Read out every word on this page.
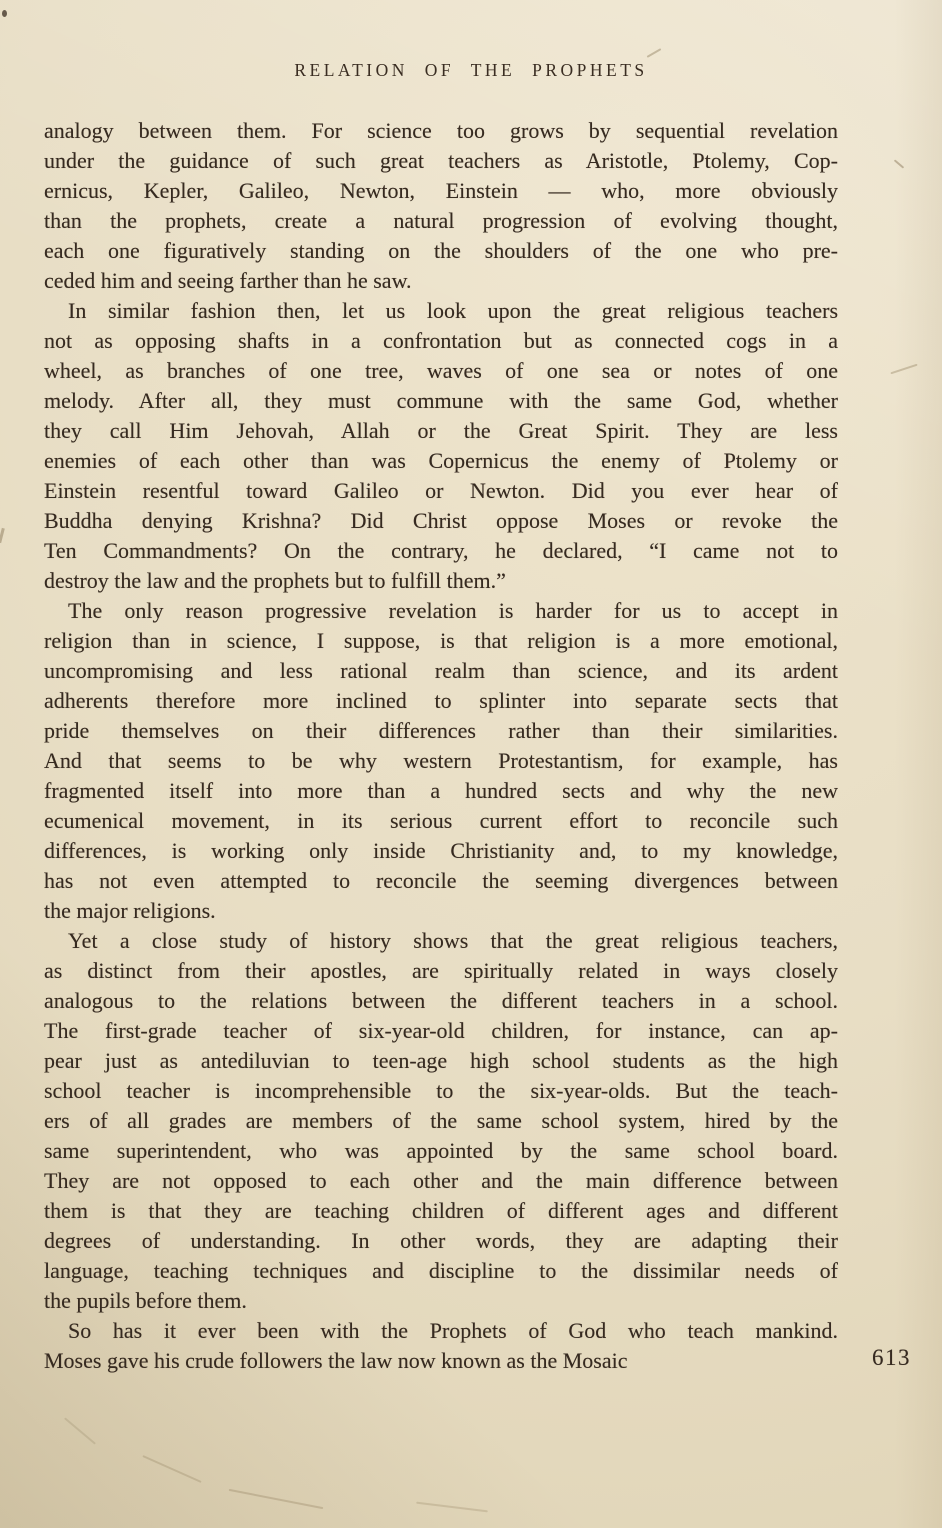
RELATION OF THE PROPHETS
analogy between them. For science too grows by sequential revelation
under the guidance of such great teachers as Aristotle, Ptolemy, Cop-
ernicus, Kepler, Galileo, Newton, Einstein — who, more obviously
than the prophets, create a natural progression of evolving thought,
each one figuratively standing on the shoulders of the one who pre-
ceded him and seeing farther than he saw.
In similar fashion then, let us look upon the great religious teachers
not as opposing shafts in a confrontation but as connected cogs in a
wheel, as branches of one tree, waves of one sea or notes of one
melody. After all, they must commune with the same God, whether
they call Him Jehovah, Allah or the Great Spirit. They are less
enemies of each other than was Copernicus the enemy of Ptolemy or
Einstein resentful toward Galileo or Newton. Did you ever hear of
Buddha denying Krishna? Did Christ oppose Moses or revoke the
Ten Commandments? On the contrary, he declared, “I came not to
destroy the law and the prophets but to fulfill them.”
The only reason progressive revelation is harder for us to accept in
religion than in science, I suppose, is that religion is a more emotional,
uncompromising and less rational realm than science, and its ardent
adherents therefore more inclined to splinter into separate sects that
pride themselves on their differences rather than their similarities.
And that seems to be why western Protestantism, for example, has
fragmented itself into more than a hundred sects and why the new
ecumenical movement, in its serious current effort to reconcile such
differences, is working only inside Christianity and, to my knowledge,
has not even attempted to reconcile the seeming divergences between
the major religions.
Yet a close study of history shows that the great religious teachers,
as distinct from their apostles, are spiritually related in ways closely
analogous to the relations between the different teachers in a school.
The first-grade teacher of six-year-old children, for instance, can ap-
pear just as antediluvian to teen-age high school students as the high
school teacher is incomprehensible to the six-year-olds. But the teach-
ers of all grades are members of the same school system, hired by the
same superintendent, who was appointed by the same school board.
They are not opposed to each other and the main difference between
them is that they are teaching children of different ages and different
degrees of understanding. In other words, they are adapting their
language, teaching techniques and discipline to the dissimilar needs of
the pupils before them.
So has it ever been with the Prophets of God who teach mankind.
Moses gave his crude followers the law now known as the Mosaic	613
